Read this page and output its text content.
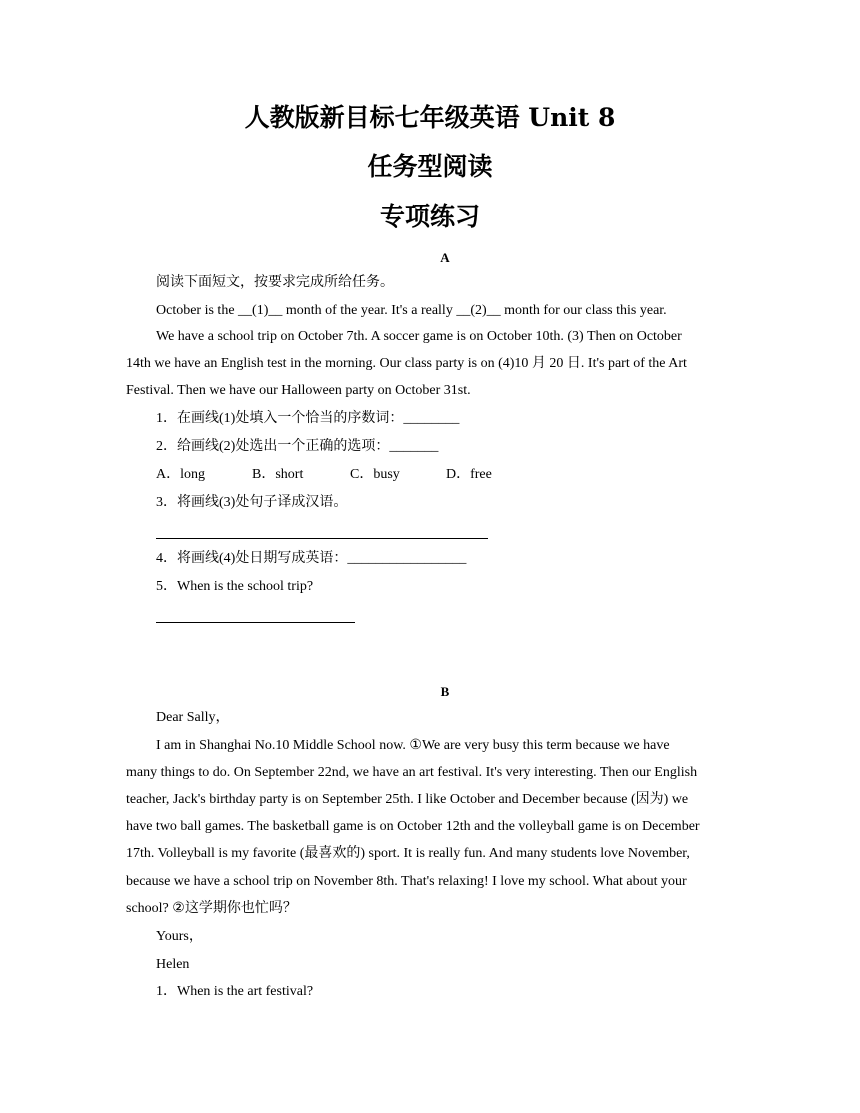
人教版新目标七年级英语 Unit 8
任务型阅读
专项练习
A
阅读下面短文，按要求完成所给任务。
October is the __(1)__ month of the year. It's a really __(2)__ month for our class this year.
We have a school trip on October 7th. A soccer game is on October 10th. (3) Then on October
14th we have an English test in the morning. Our class party is on (4)10 月 20 日. It's part of the Art
Festival. Then we have our Halloween party on October 31st.
1．在画线(1)处填入一个恰当的序数词：________
2．给画线(2)处选出一个正确的选项：_______
A．long	B．short	C．busy	D．free
3．将画线(3)处句子译成汉语。
4．将画线(4)处日期写成英语：_________________
5．When is the school trip?
B
Dear Sally，
I am in Shanghai No.10 Middle School now. ①We are very busy this term because we have
many things to do. On September 22nd, we have an art festival. It's very interesting. Then our English
teacher, Jack's birthday party is on September 25th. I like October and December because (因为) we
have two ball games. The basketball game is on October 12th and the volleyball game is on December
17th. Volleyball is my favorite (最喜欢的) sport. It is really fun. And many students love November,
because we have a school trip on November 8th. That's relaxing! I love my school. What about your
school? ②这学期你也忙吗？
Yours，
Helen
1．When is the art festival?
